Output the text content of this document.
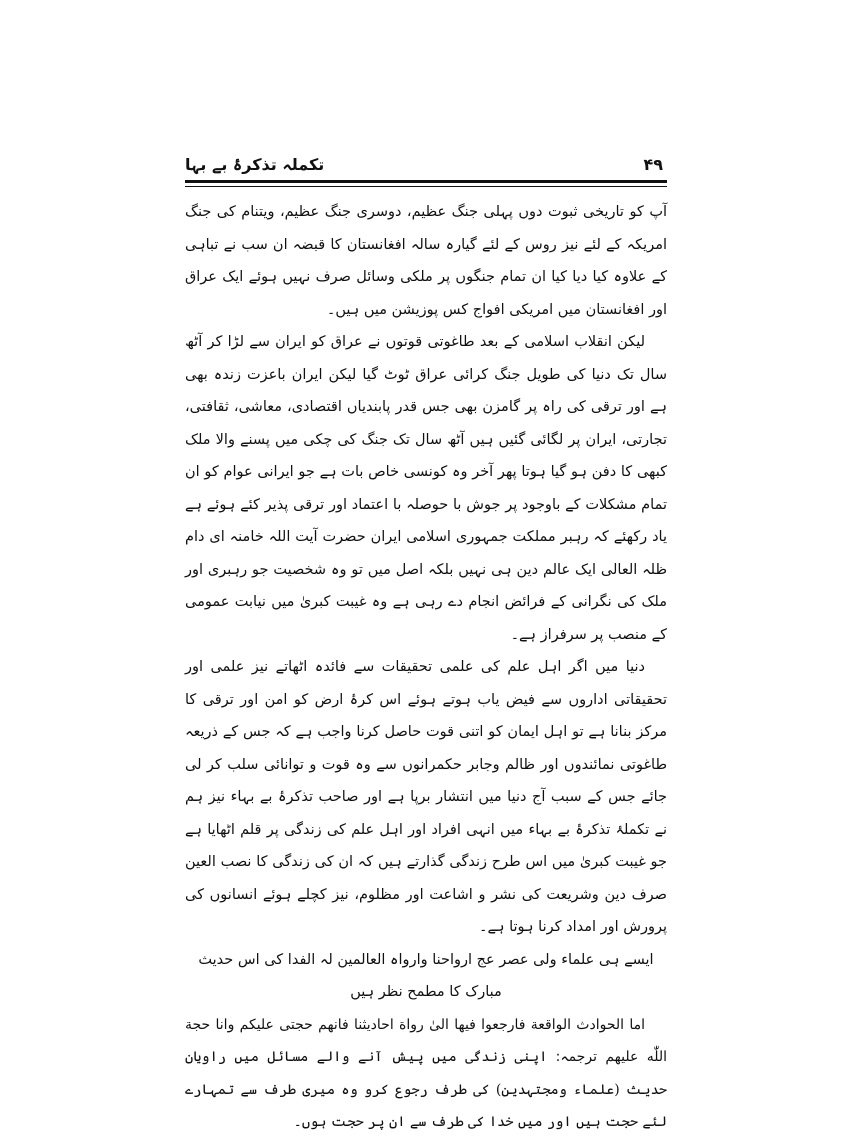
تکملہ تذکرۂ بے بہا	۴۹

آپ کو تاریخی ثبوت دوں پہلی جنگ عظیم، دوسری جنگ عظیم، ویتنام کی جنگ امریکہ کے لئے نیز روس کے لئے گیارہ سالہ افغانستان کا قبضہ ان سب نے تباہی کے علاوہ کیا دیا کیا ان تمام جنگوں پر ملکی وسائل صرف نہیں ہوئے ایک عراق اور افغانستان میں امریکی افواج کس پوزیشن میں ہیں۔

لیکن انقلاب اسلامی کے بعد طاغوتی قوتوں نے عراق کو ایران سے لڑا کر آٹھ سال تک دنیا کی طویل جنگ کرائی عراق ٹوٹ گیا لیکن ایران باعزت زندہ بھی ہے اور ترقی کی راہ پر گامزن بھی جس قدر پابندیاں اقتصادی، معاشی، ثقافتی، تجارتی، ایران پر لگائی گئیں ہیں آٹھ سال تک جنگ کی چکی میں پسنے والا ملک کبھی کا دفن ہو گیا ہوتا پھر آخر وہ کونسی خاص بات ہے جو ایرانی عوام کو ان تمام مشکلات کے باوجود پر جوش با حوصلہ با اعتماد اور ترقی پذیر کئے ہوئے ہے یاد رکھئے کہ رہبر مملکت جمہوری اسلامی ایران حضرت آیت اللہ خامنہ ای دام ظلہ العالی ایک عالم دین ہی نہیں بلکہ اصل میں تو وہ شخصیت جو رہبری اور ملک کی نگرانی کے فرائض انجام دے رہی ہے وہ غیبت کبریٰ میں نیابت عمومی کے منصب پر سرفراز ہے۔

دنیا میں اگر اہل علم کی علمی تحقیقات سے فائدہ اٹھاتے نیز علمی اور تحقیقاتی اداروں سے فیض یاب ہوتے ہوئے اس کرۂ ارض کو امن اور ترقی کا مرکز بنانا ہے تو اہل ایمان کو اتنی قوت حاصل کرنا واجب ہے کہ جس کے ذریعہ طاغوتی نمائندوں اور ظالم وجابر حکمرانوں سے وہ قوت و توانائی سلب کر لی جائے جس کے سبب آج دنیا میں انتشار برپا ہے اور صاحب تذکرۂ بے بہاء نیز ہم نے تکملۂ تذکرۂ بے بہاء میں انہی افراد اور اہل علم کی زندگی پر قلم اٹھایا ہے جو غیبت کبریٰ میں اس طرح زندگی گذارتے ہیں کہ ان کی زندگی کا نصب العین صرف دین وشریعت کی نشر و اشاعت اور مظلوم، نیز کچلے ہوئے انسانوں کی پرورش اور امداد کرنا ہوتا ہے۔

ایسے ہی علماء ولی عصر عج ارواحنا وارواہ العالمین لہ الفدا کی اس حدیث مبارک کا مطمح نظر ہیں

اما الحوادث الواقعة فارجعوا فيها الىٰ رواة احاديثنا فانهم حجتى عليكم وانا حجة اللّٰه عليهم ترجمہ: اپنی زندگی میں پیش آنے والے مسائل میں راویان حدیث (علماء ومجتہدین) کی طرف رجوع کرو وہ میری طرف سے تمہارے لئے حجت ہیں اور میں خدا کی طرف سے ان پر حجت ہوں۔
